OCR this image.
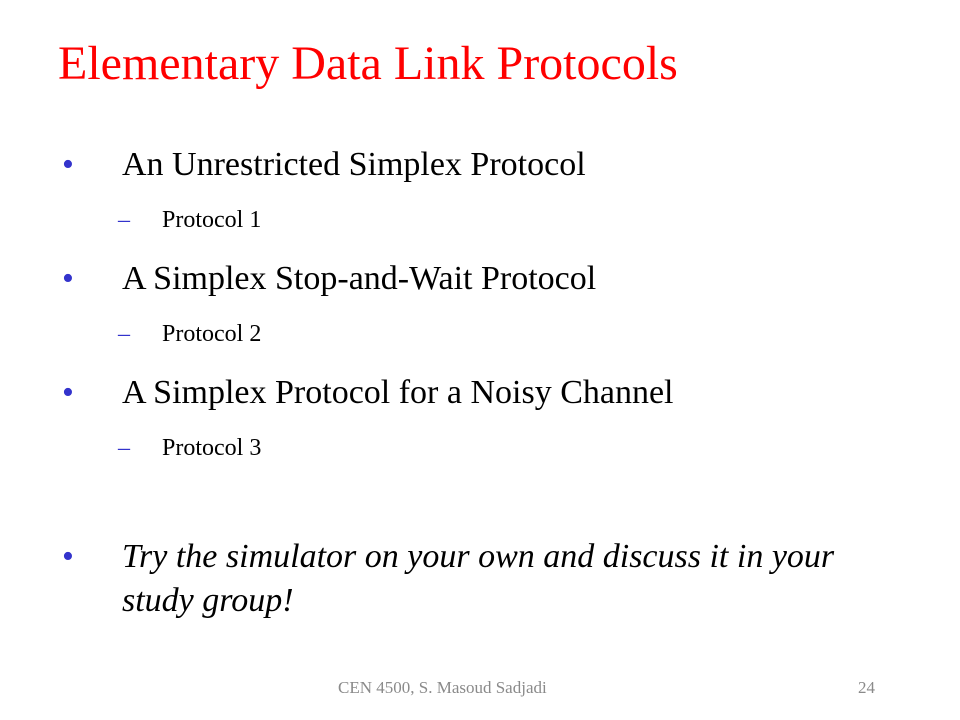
Elementary Data Link Protocols
• An Unrestricted Simplex Protocol
– Protocol 1
• A Simplex Stop-and-Wait Protocol
– Protocol 2
• A Simplex Protocol for a Noisy Channel
– Protocol 3
• Try the simulator on your own and discuss it in your study group!
CEN 4500, S. Masoud Sadjadi	24
